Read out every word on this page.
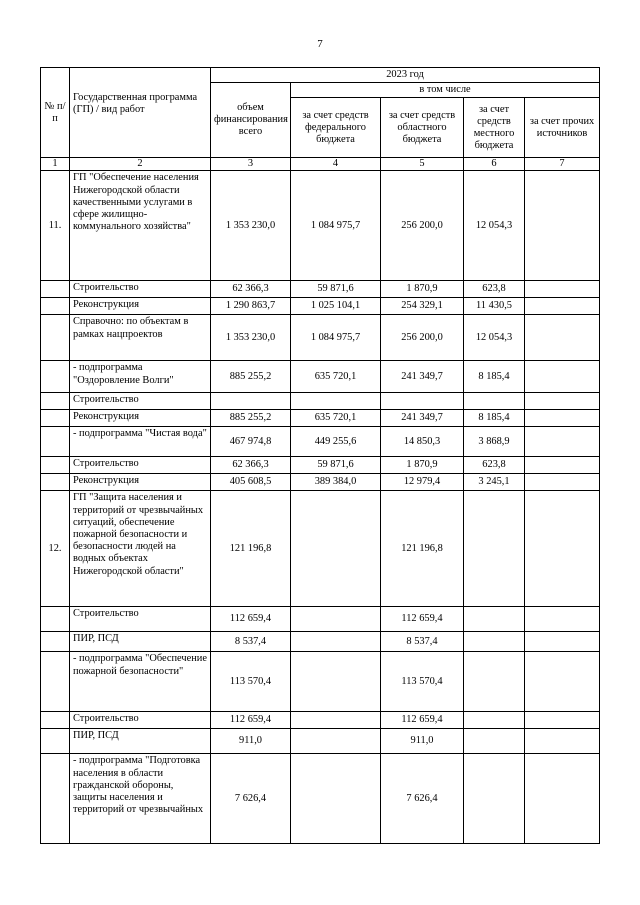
7
№ п/п	Государственная программа (ГП) / вид работ	2023 год				
		объем финансирования всего	в том числе			
			за счет средств федерального бюджета	за счет средств областного бюджета	за счет средств местного бюджета	за счет прочих источников
1	2	3	4	5	6	7
11.	ГП "Обеспечение населения Нижегородской области качественными услугами в сфере жилищно-коммунального хозяйства"	1 353 230,0	1 084 975,7	256 200,0	12 054,3	
	Строительство	62 366,3	59 871,6	1 870,9	623,8	
	Реконструкция	1 290 863,7	1 025 104,1	254 329,1	11 430,5	
	Справочно: по объектам в рамках нацпроектов	1 353 230,0	1 084 975,7	256 200,0	12 054,3	
	- подпрограмма "Оздоровление Волги"	885 255,2	635 720,1	241 349,7	8 185,4	
	Строительство					
	Реконструкция	885 255,2	635 720,1	241 349,7	8 185,4	
	- подпрограмма "Чистая вода"	467 974,8	449 255,6	14 850,3	3 868,9	
	Строительство	62 366,3	59 871,6	1 870,9	623,8	
	Реконструкция	405 608,5	389 384,0	12 979,4	3 245,1	
12.	ГП "Защита населения и территорий от чрезвычайных ситуаций, обеспечение пожарной безопасности и безопасности людей на водных объектах Нижегородской области"	121 196,8		121 196,8		
	Строительство	112 659,4		112 659,4		
	ПИР, ПСД	8 537,4		8 537,4		
	- подпрограмма "Обеспечение пожарной безопасности"	113 570,4		113 570,4		
	Строительство	112 659,4		112 659,4		
	ПИР, ПСД	911,0		911,0		
	- подпрограмма "Подготовка населения в области гражданской обороны, защиты населения и территорий от чрезвычайных	7 626,4		7 626,4		
